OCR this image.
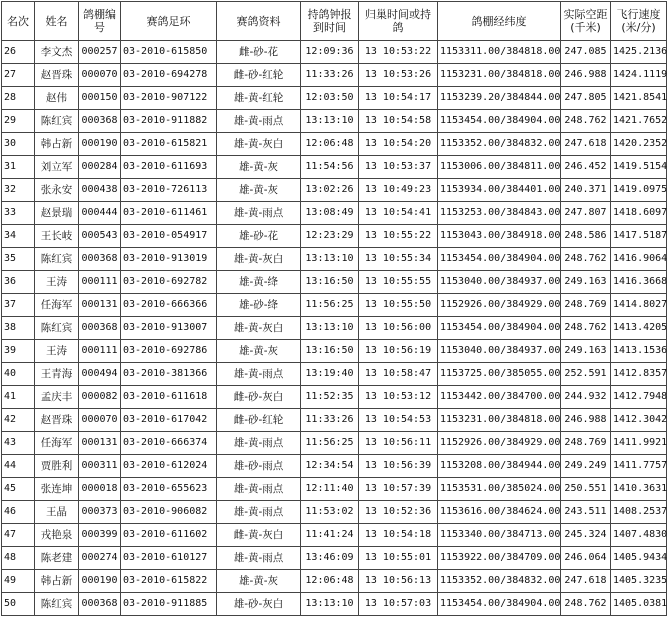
名次	姓名	鸽棚编号	赛鸽足环	赛鸽资料	持鸽钟报到时间	归巢时间或持鸽	鸽棚经纬度	实际空距(千米)	飞行速度(米/分)
26	李文杰	000257	03-2010-615850	雌-砂-花	12:09:36	13 10:53:22	1153311.00/384818.00	247.085	1425.2136
27	赵晋珠	000070	03-2010-694278	雌-砂-红轮	11:33:26	13 10:53:26	1153231.00/384818.00	246.988	1424.1119
28	赵伟	000150	03-2010-907122	雄-黄-红轮	12:03:50	13 10:54:17	1153239.20/384844.00	247.805	1421.8541
29	陈红宾	000368	03-2010-911882	雄-黄-雨点	13:13:10	13 10:54:58	1153454.00/384904.00	248.762	1421.7652
30	韩占新	000190	03-2010-615821	雄-黄-灰白	12:06:48	13 10:54:20	1153352.00/384832.00	247.618	1420.2352
31	刘立军	000284	03-2010-611693	雄-黄-灰	11:54:56	13 10:53:37	1153006.00/384811.00	246.452	1419.5154
32	张永安	000438	03-2010-726113	雄-黄-灰	13:02:26	13 10:49:23	1153934.00/384401.00	240.371	1419.0975
33	赵景瑞	000444	03-2010-611461	雄-黄-雨点	13:08:49	13 10:54:41	1153253.00/384843.00	247.807	1418.6097
34	王长岐	000543	03-2010-054917	雄-砂-花	12:23:29	13 10:55:22	1153043.00/384918.00	248.586	1417.5187
35	陈红宾	000368	03-2010-913019	雄-黄-灰白	13:13:10	13 10:55:34	1153454.00/384904.00	248.762	1416.9064
36	王涛	000111	03-2010-692782	雄-黄-绛	13:16:50	13 10:55:55	1153040.00/384937.00	249.163	1416.3668
37	任海军	000131	03-2010-666366	雄-砂-绛	11:56:25	13 10:55:50	1152926.00/384929.00	248.769	1414.8027
38	陈红宾	000368	03-2010-913007	雄-黄-灰白	13:13:10	13 10:56:00	1153454.00/384904.00	248.762	1413.4205
39	王涛	000111	03-2010-692786	雄-黄-灰	13:16:50	13 10:56:19	1153040.00/384937.00	249.163	1413.1536
40	王青海	000494	03-2010-381366	雄-黄-雨点	13:19:40	13 10:58:47	1153725.00/385055.00	252.591	1412.8357
41	孟庆丰	000082	03-2010-611618	雌-砂-灰白	11:52:35	13 10:53:12	1153442.00/384700.00	244.932	1412.7948
42	赵晋珠	000070	03-2010-617042	雌-砂-红轮	11:33:26	13 10:54:53	1153231.00/384818.00	246.988	1412.3042
43	任海军	000131	03-2010-666374	雄-黄-雨点	11:56:25	13 10:56:11	1152926.00/384929.00	248.769	1411.9921
44	贾胜利	000311	03-2010-612024	雄-砂-雨点	12:34:54	13 10:56:39	1153208.00/384944.00	249.249	1411.7757
45	张连坤	000018	03-2010-655623	雄-黄-雨点	12:11:40	13 10:57:39	1153531.00/385024.00	250.551	1410.3631
46	王晶	000373	03-2010-906082	雄-黄-雨点	11:53:02	13 10:52:36	1153616.00/384624.00	243.511	1408.2537
47	戎艳泉	000399	03-2010-611602	雌-黄-灰白	11:41:24	13 10:54:18	1153340.00/384713.00	245.324	1407.4830
48	陈老建	000274	03-2010-610127	雄-黄-雨点	13:46:09	13 10:55:01	1153922.00/384709.00	246.064	1405.9434
49	韩占新	000190	03-2010-615822	雄-黄-灰	12:06:48	13 10:56:13	1153352.00/384832.00	247.618	1405.3235
50	陈红宾	000368	03-2010-911885	雄-砂-灰白	13:13:10	13 10:57:03	1153454.00/384904.00	248.762	1405.0381
